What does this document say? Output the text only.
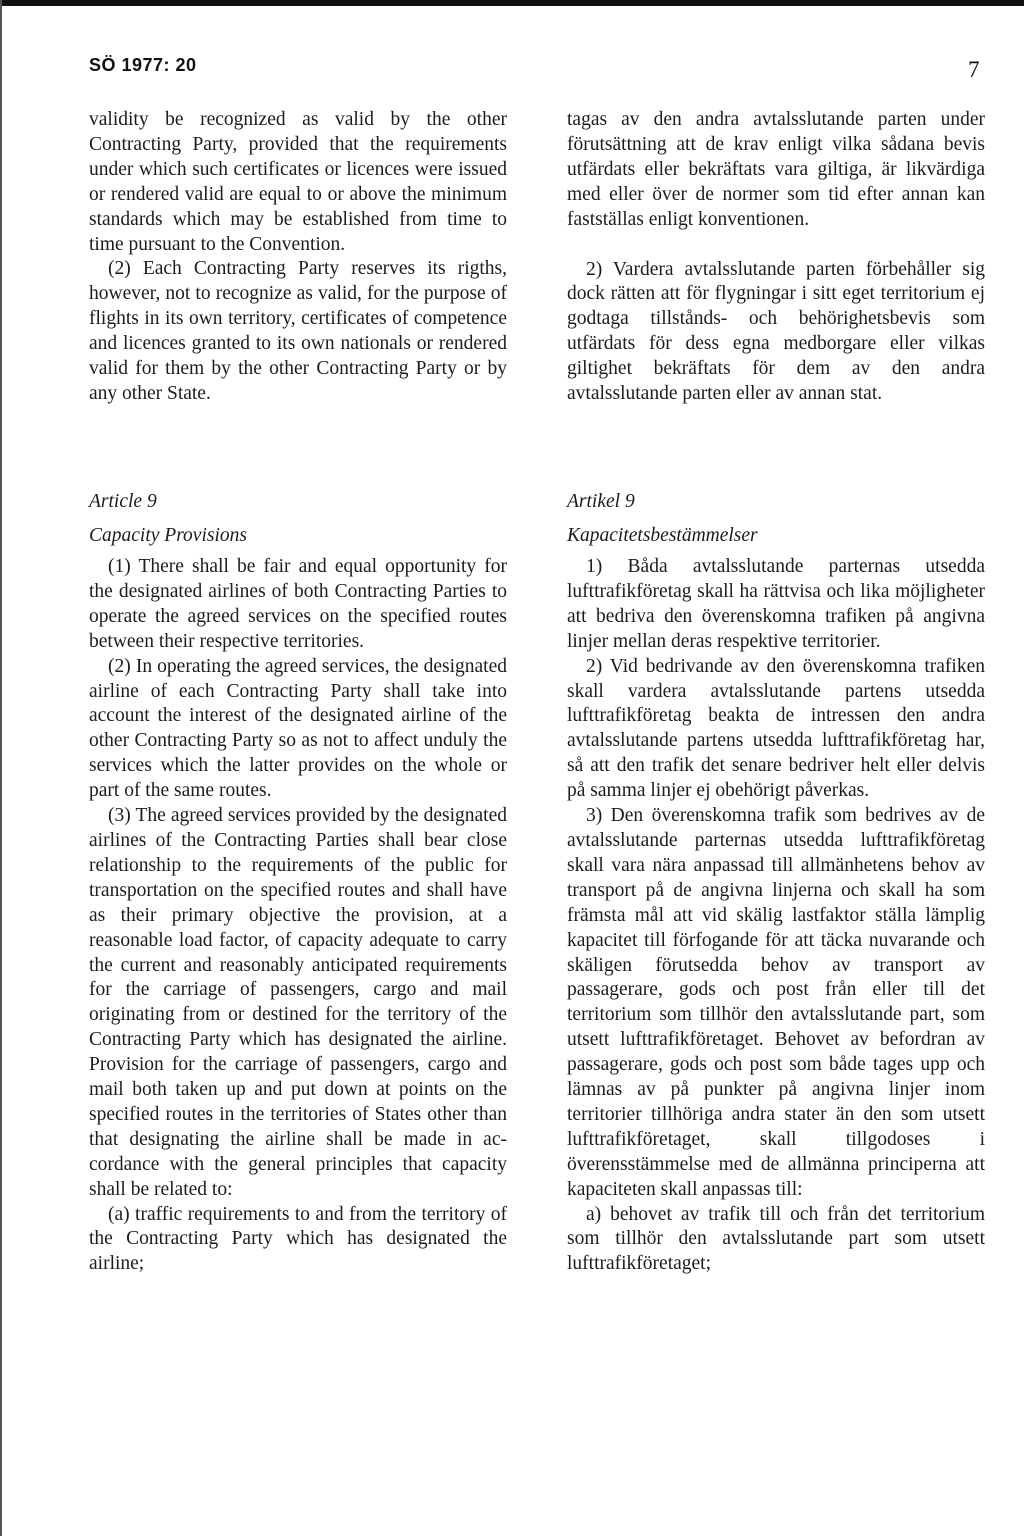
SÖ 1977: 20	7

validity be recognized as valid by the other Contracting Party, provided that the requirements under which such certificates or licences were issued or rendered valid are equal to or above the minimum standards which may be established from time to time pursuant to the Convention.

(2) Each Contracting Party reserves its rigths, however, not to recognize as valid, for the purpose of flights in its own territory, certificates of competence and licences granted to its own nationals or rendered valid for them by the other Contracting Party or by any other State.

tagas av den andra avtalsslutande parten under förutsättning att de krav enligt vilka sådana bevis utfärdats eller bekräftats vara giltiga, är likvärdiga med eller över de normer som tid efter annan kan fastställas enligt konventionen.

2) Vardera avtalsslutande parten förbehåller sig dock rätten att för flygningar i sitt eget territorium ej godtaga tillstånds- och behörighetsbevis som utfärdats för dess egna medborgare eller vilkas giltighet bekräftats för dem av den andra avtalsslutande parten eller av annan stat.

Article 9
Capacity Provisions
Artikel 9
Kapacitetsbestämmelser

(1) There shall be fair and equal opportunity for the designated airlines of both Contracting Parties to operate the agreed services on the specified routes between their respective territories.

(2) In operating the agreed services, the designated airline of each Contracting Party shall take into account the interest of the designated airline of the other Contracting Party so as not to affect unduly the services which the latter provides on the whole or part of the same routes.

(3) The agreed services provided by the designated airlines of the Contracting Parties shall bear close relationship to the requirements of the public for transportation on the specified routes and shall have as their primary objective the provision, at a reasonable load factor, of capacity adequate to carry the current and reasonably anticipated requirements for the carriage of passengers, cargo and mail originating from or destined for the territory of the Contracting Party which has designated the airline. Provision for the carriage of passengers, cargo and mail both taken up and put down at points on the specified routes in the territories of States other than that designating the airline shall be made in accordance with the general principles that capacity shall be related to:

(a) traffic requirements to and from the territory of the Contracting Party which has designated the airline;

1) Båda avtalsslutande parternas utsedda lufttrafikföretag skall ha rättvisa och lika möjligheter att bedriva den överenskomna trafiken på angivna linjer mellan deras respektive territorier.

2) Vid bedrivande av den överenskomna trafiken skall vardera avtalsslutande partens utsedda lufttrafikföretag beakta de intressen den andra avtalsslutande partens utsedda lufttrafikföretag har, så att den trafik det senare bedriver helt eller delvis på samma linjer ej obehörigt påverkas.

3) Den överenskomna trafik som bedrives av de avtalsslutande parternas utsedda lufttrafikföretag skall vara nära anpassad till allmänhetens behov av transport på de angivna linjerna och skall ha som främsta mål att vid skälig lastfaktor ställa lämplig kapacitet till förfogande för att täcka nuvarande och skäligen förutsedda behov av transport av passagerare, gods och post från eller till det territorium som tillhör den avtalsslutande part, som utsett lufttrafikföretaget. Behovet av befordran av passagerare, gods och post som både tages upp och lämnas av på punkter på angivna linjer inom territorier tillhöriga andra stater än den som utsett lufttrafikföretaget, skall tillgodoses i överensstämmelse med de allmänna principerna att kapaciteten skall anpassas till:

a) behovet av trafik till och från det territorium som tillhör den avtalsslutande part som utsett lufttrafikföretaget;
